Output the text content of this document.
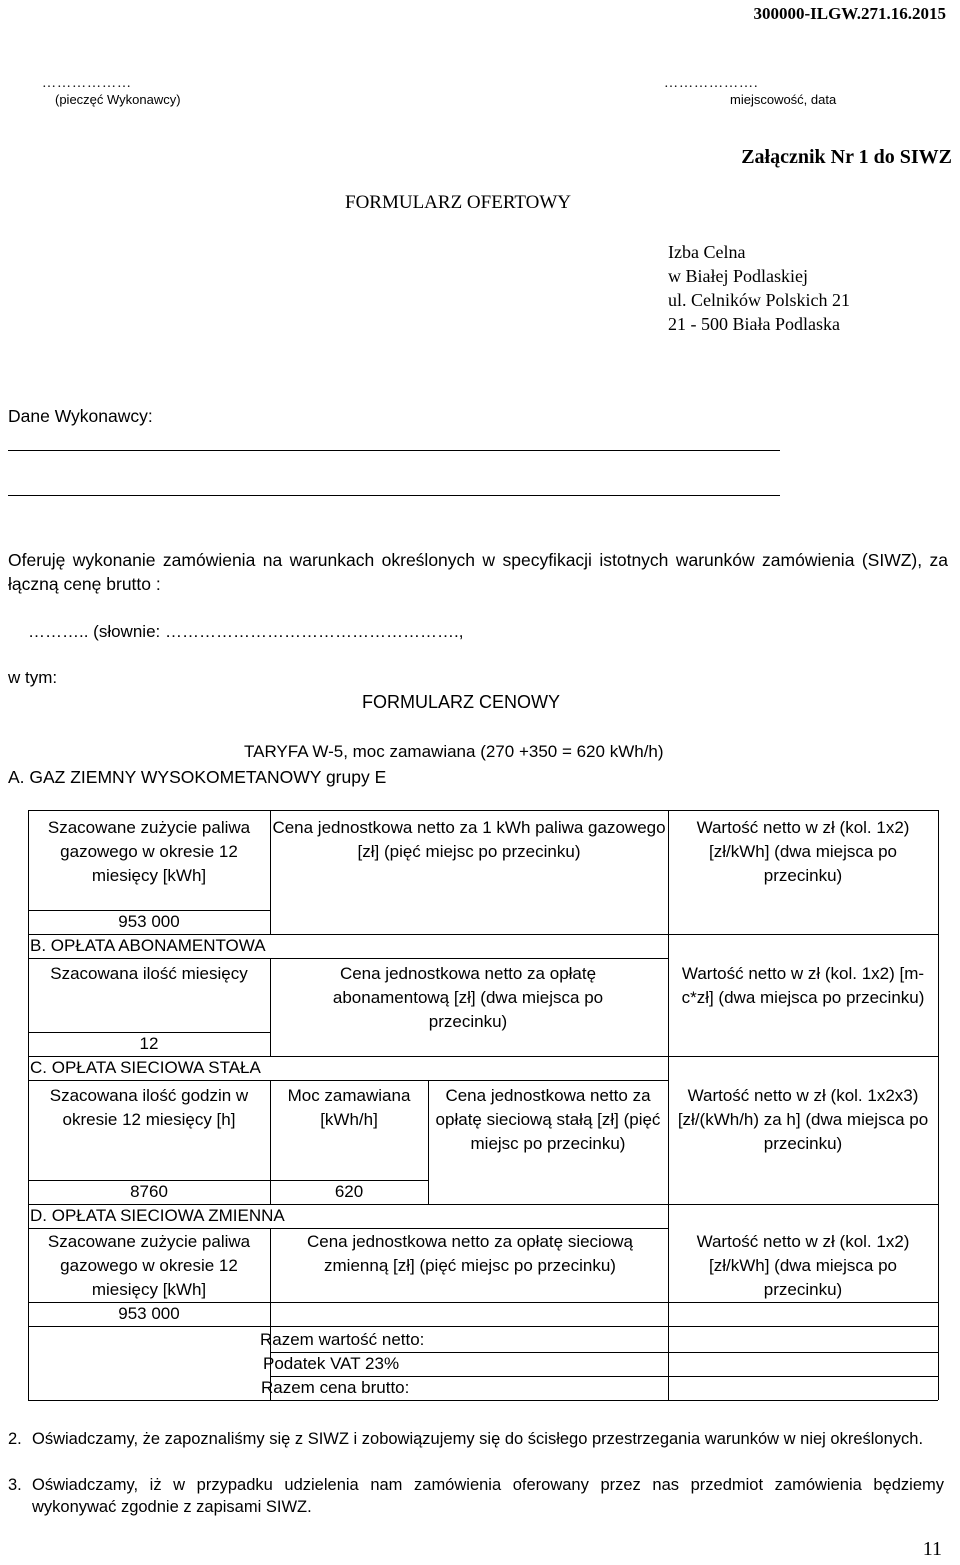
300000-ILGW.271.16.2015
………………
(pieczęć Wykonawcy)
……………….
miejscowość, data
Załącznik Nr 1 do SIWZ
FORMULARZ OFERTOWY
Izba Celna
w Białej Podlaskiej
ul. Celników Polskich 21
21 - 500 Biała Podlaska
Dane Wykonawcy:
Oferuję wykonanie zamówienia na warunkach określonych w specyfikacji istotnych warunków zamówienia (SIWZ), za łączną cenę brutto :
……….. (słownie: …………………………………………….,
w tym:
FORMULARZ CENOWY
TARYFA W-5, moc zamawiana (270 +350 = 620 kWh/h)
A. GAZ ZIEMNY WYSOKOMETANOWY grupy E
Szacowane zużycie paliwa gazowego w okresie 12 miesięcy [kWh]
Cena jednostkowa netto za 1 kWh paliwa gazowego [zł] (pięć miejsc po przecinku)
Wartość netto w zł (kol. 1x2) [zł/kWh] (dwa miejsca po przecinku)
953 000
B. OPŁATA ABONAMENTOWA
Szacowana ilość miesięcy	Cena jednostkowa netto za opłatę abonamentową [zł] (dwa miejsca po przecinku)
Wartość netto w zł (kol. 1x2) [m-c*zł] (dwa miejsca po przecinku)
12
C. OPŁATA SIECIOWA STAŁA
Szacowana ilość godzin w okresie 12 miesięcy [h]
Moc zamawiana [kWh/h]
Cena jednostkowa netto za opłatę sieciową stałą [zł] (pięć miejsc po przecinku)
Wartość netto w zł (kol. 1x2x3) [zł/(kWh/h) za h] (dwa miejsca po przecinku)
8760	620
D. OPŁATA SIECIOWA ZMIENNA
Szacowane zużycie paliwa gazowego w okresie 12 miesięcy [kWh]
Cena jednostkowa netto za opłatę sieciową zmienną [zł] (pięć miejsc po przecinku)
Wartość netto w zł (kol. 1x2) [zł/kWh] (dwa miejsca po przecinku)
953 000
Razem wartość netto:
Podatek VAT 23%
Razem cena brutto:
2. Oświadczamy, że zapoznaliśmy się z SIWZ i zobowiązujemy się do ścisłego przestrzegania warunków w niej określonych.
3. Oświadczamy, iż w przypadku udzielenia nam zamówienia oferowany przez nas przedmiot zamówienia będziemy wykonywać zgodnie z zapisami SIWZ.
11
